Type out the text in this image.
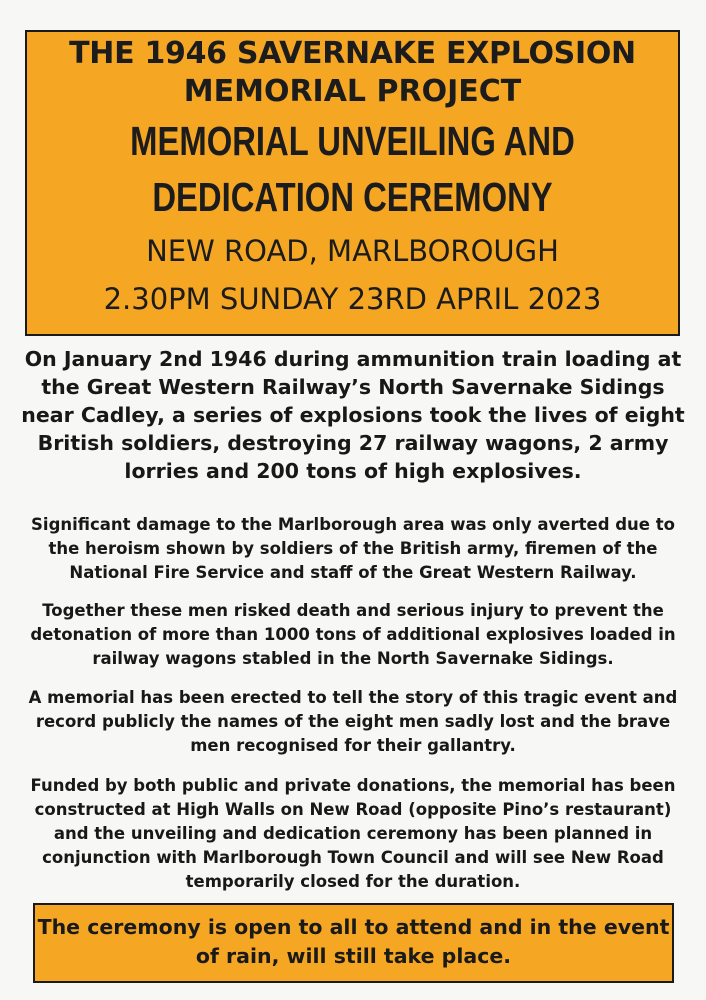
THE 1946 SAVERNAKE EXPLOSION
MEMORIAL PROJECT
MEMORIAL UNVEILING AND
DEDICATION CEREMONY
NEW ROAD, MARLBOROUGH
2.30PM SUNDAY 23RD APRIL 2023

On January 2nd 1946 during ammunition train loading at the Great Western Railway’s North Savernake Sidings near Cadley, a series of explosions took the lives of eight British soldiers, destroying 27 railway wagons, 2 army lorries and 200 tons of high explosives.

Significant damage to the Marlborough area was only averted due to the heroism shown by soldiers of the British army, firemen of the National Fire Service and staff of the Great Western Railway.

Together these men risked death and serious injury to prevent the detonation of more than 1000 tons of additional explosives loaded in railway wagons stabled in the North Savernake Sidings.

A memorial has been erected to tell the story of this tragic event and record publicly the names of the eight men sadly lost and the brave men recognised for their gallantry.

Funded by both public and private donations, the memorial has been constructed at High Walls on New Road (opposite Pino’s restaurant) and the unveiling and dedication ceremony has been planned in conjunction with Marlborough Town Council and will see New Road temporarily closed for the duration.

The ceremony is open to all to attend and in the event of rain, will still take place.
